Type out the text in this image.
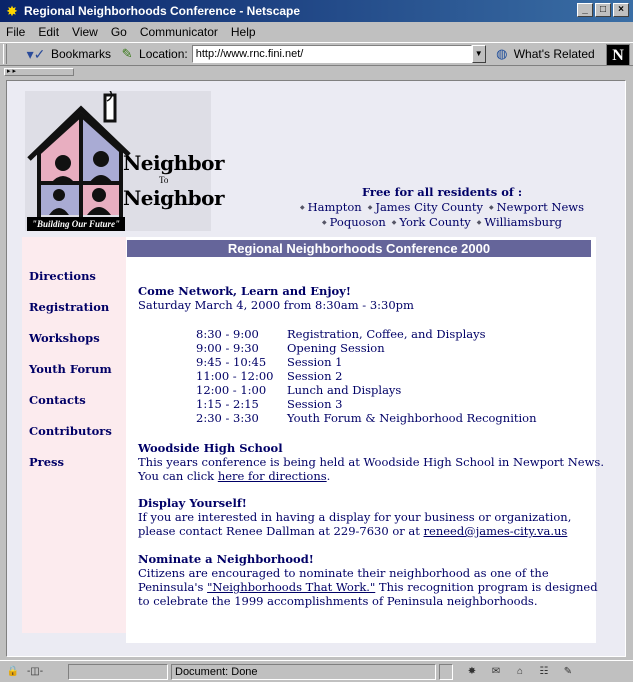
✸ Regional Neighborhoods Conference - Netscape	_	□	×
File Edit View Go Communicator Help
▾✓ Bookmarks ✎ Location: http://www.rnc.fini.net/	▼	◍ What's Related	N
▸ ▸
Neighbor
To
Neighbor
"Building Our Future"
Free for all residents of :
◆ Hampton	◆ James City County	◆ Newport News
◆ Poquoson	◆ York County	◆ Williamsburg
Directions
Registration
Workshops
Youth Forum
Contacts
Contributors
Press
Regional Neighborhoods Conference 2000
Come Network, Learn and Enjoy!
Saturday March 4, 2000 from 8:30am - 3:30pm
8:30 - 9:00	Registration, Coffee, and Displays
9:00 - 9:30	Opening Session
9:45 - 10:45	Session 1
11:00 - 12:00	Session 2
12:00 - 1:00	Lunch and Displays
1:15 - 2:15	Session 3
2:30 - 3:30	Youth Forum & Neighborhood Recognition
Woodside High School
This years conference is being held at Woodside High School in Newport News.
You can click here for directions.
Display Yourself!
If you are interested in having a display for your business or organization,
please contact Renee Dallman at 229-7630 or at reneed@james-city.va.us
Nominate a Neighborhood!
Citizens are encouraged to nominate their neighborhood as one of the
Peninsula's "Neighborhoods That Work." This recognition program is designed
to celebrate the 1999 accomplishments of Peninsula neighborhoods.
🔒 -◫-	Document: Done	✸	✉	⌂	☷	✎
